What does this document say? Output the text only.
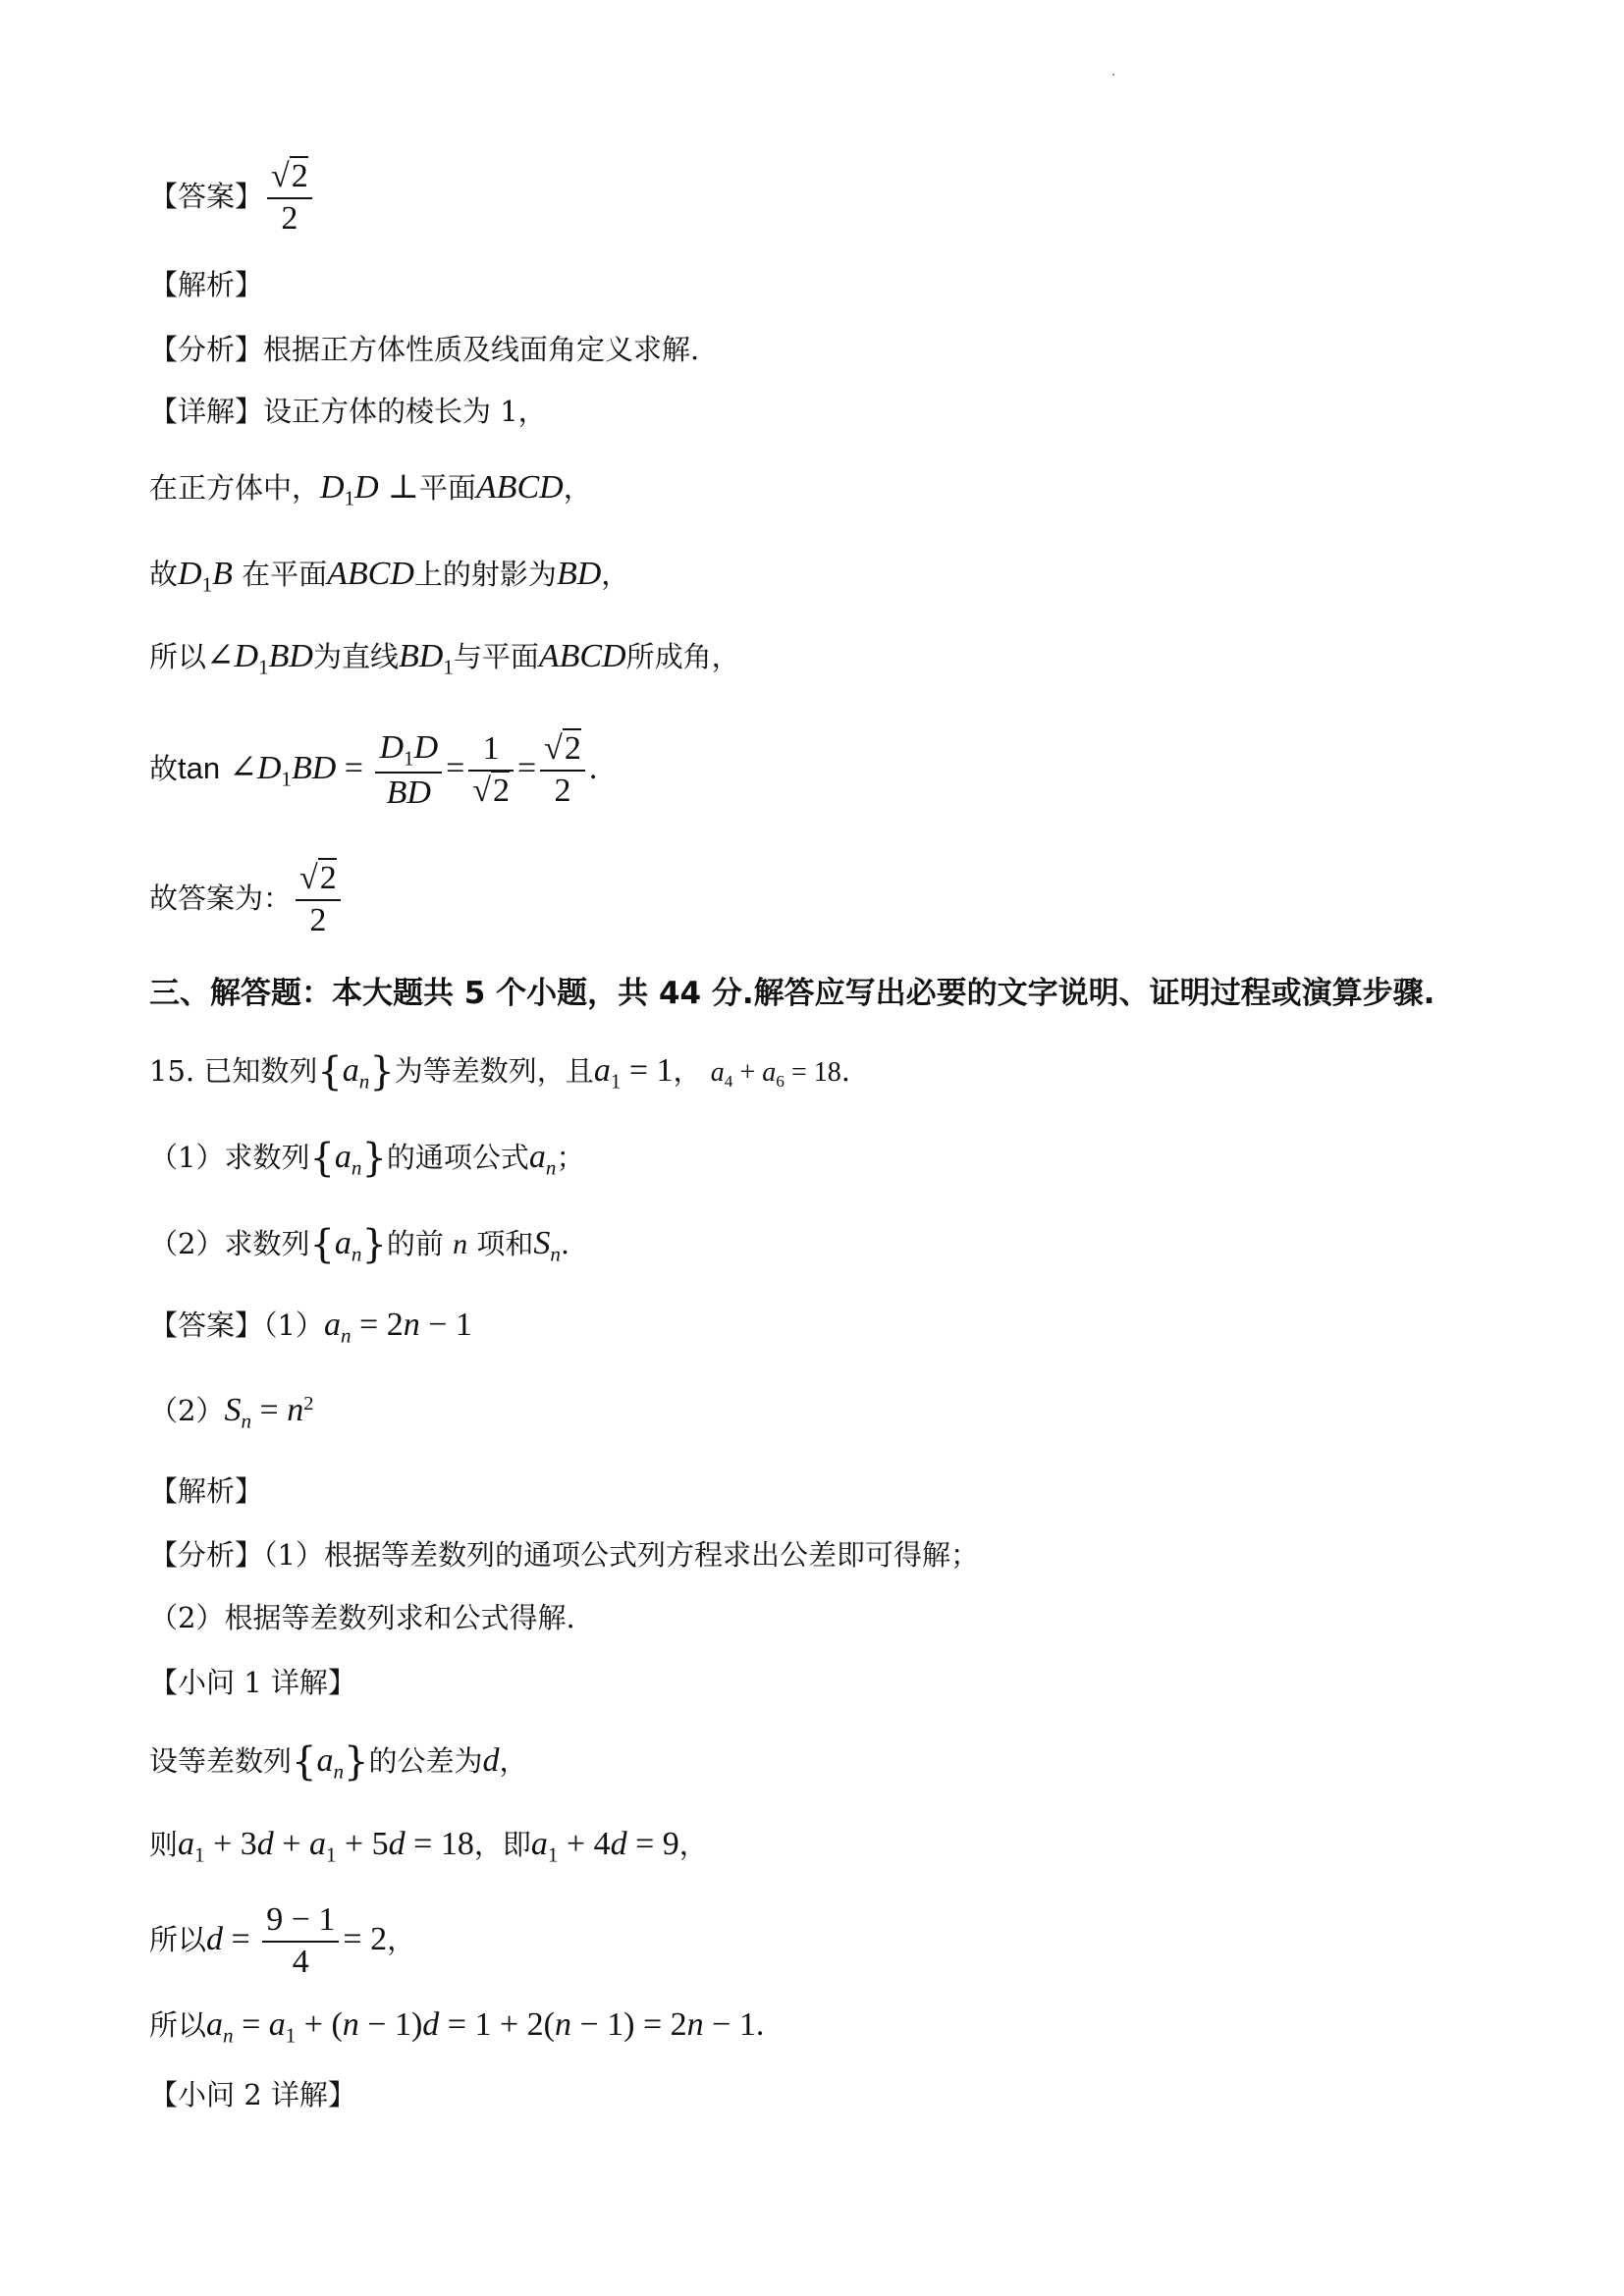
【答案】 $\frac{√2}{2}$
【解析】
【分析】根据正方体性质及线面角定义求解.
【详解】设正方体的棱长为 1，
在正方体中，$D_1D$ ⊥平面ABCD，
故$D_1B$ 在平面ABCD上的射影为BD，
所以$\angle D_1BD$为直线$BD_1$与平面ABCD所成角，
故$\tan \angle D_1BD = \frac{D_1D}{BD} = \frac{1}{√2} = \frac{√2}{2}$ .
故答案为： $\frac{√2}{2}$
三、解答题：本大题共 5 个小题，共 44 分.解答应写出必要的文字说明、证明过程或演算步骤.
15. 已知数列$\{a_n\}$为等差数列，且$a_1 = 1$， $a_4 + a_6 = 18$.
（1）求数列$\{a_n\}$的通项公式$a_n$；
（2）求数列$\{a_n\}$的前 n 项和$S_n$.
【答案】$(1)a_n = 2n - 1$
$(2)S_n = n^2$
【解析】
【分析】（1）根据等差数列的通项公式列方程求出公差即可得解；
（2）根据等差数列求和公式得解.
【小问 1 详解】
设等差数列$\{a_n\}$的公差为d，
则$a_1 + 3d + a_1 + 5d = 18$，即$a_1 + 4d = 9$，
所以$d = \frac{9 - 1}{4} = 2$，
所以$a_n = a_1 + (n - 1)d = 1 + 2(n - 1) = 2n - 1$.
【小问 2 详解】
